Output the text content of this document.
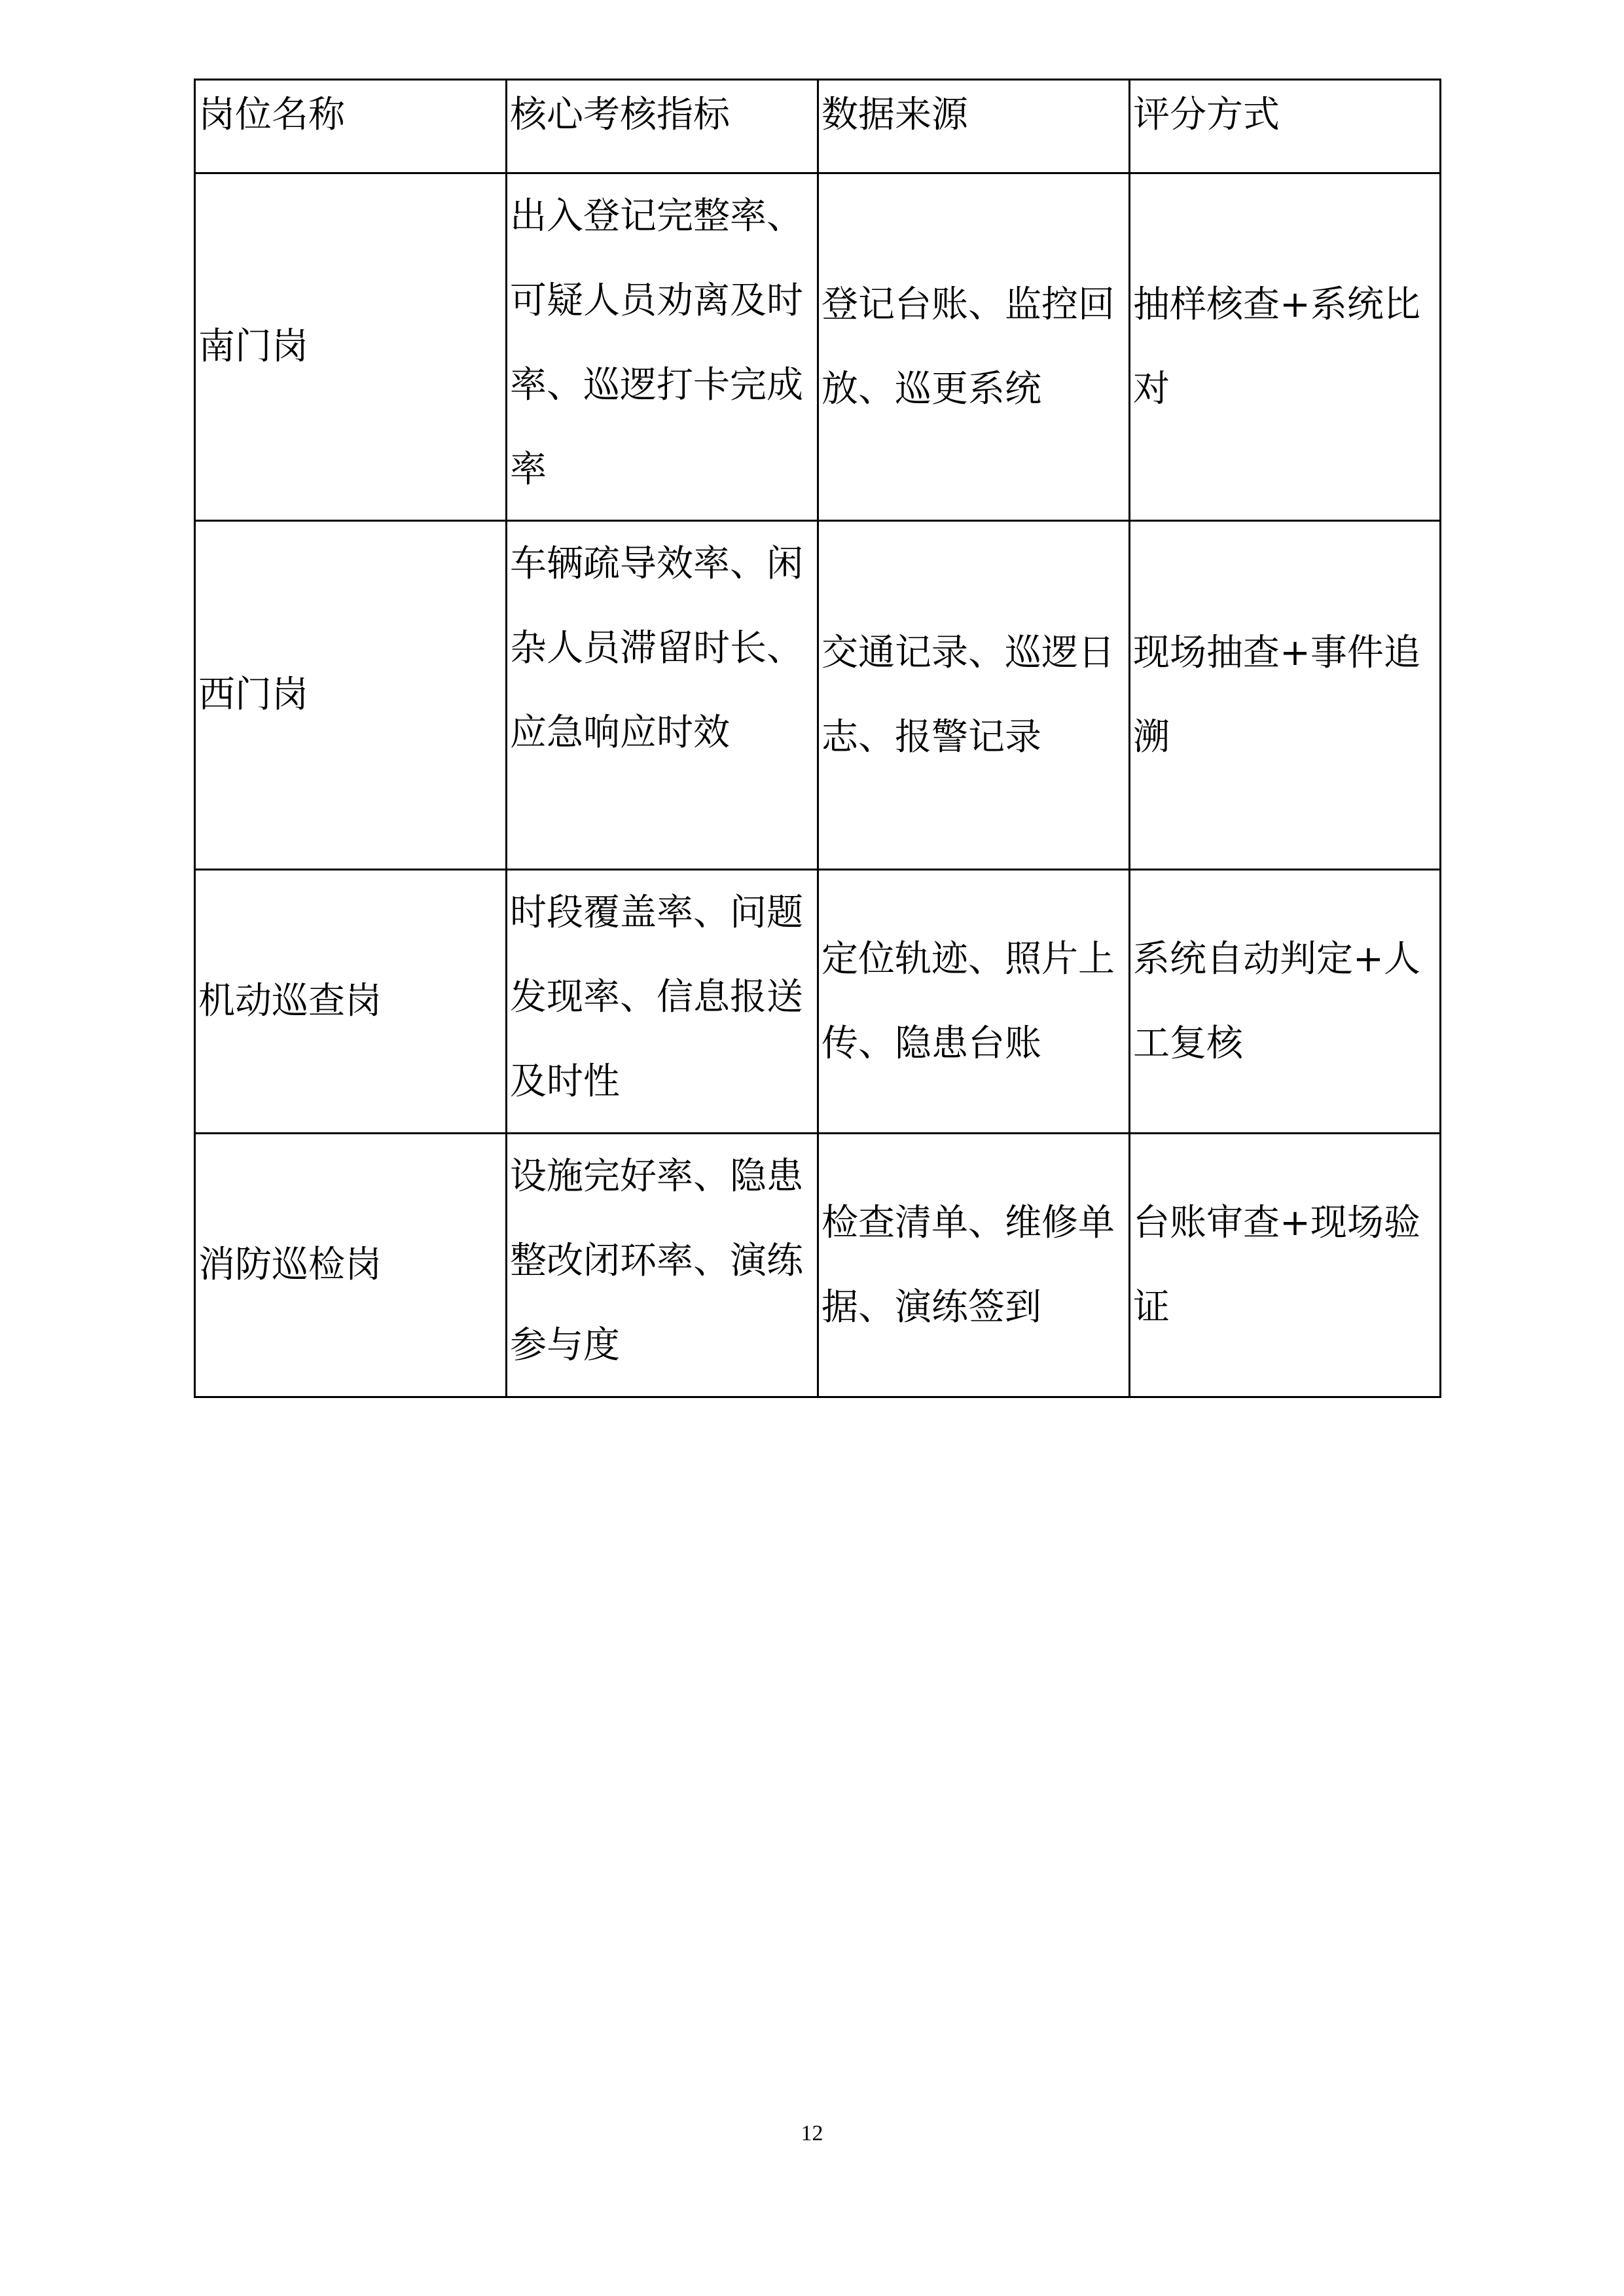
岗位名称	核心考核指标	数据来源	评分方式
南门岗	出入登记完整率、可疑人员劝离及时率、巡逻打卡完成率	登记台账、监控回放、巡更系统	抽样核查+系统比对
西门岗	车辆疏导效率、闲杂人员滞留时长、应急响应时效	交通记录、巡逻日志、报警记录	现场抽查+事件追溯
机动巡查岗	时段覆盖率、问题发现率、信息报送及时性	定位轨迹、照片上传、隐患台账	系统自动判定+人工复核
消防巡检岗	设施完好率、隐患整改闭环率、演练参与度	检查清单、维修单据、演练签到	台账审查+现场验证
12
